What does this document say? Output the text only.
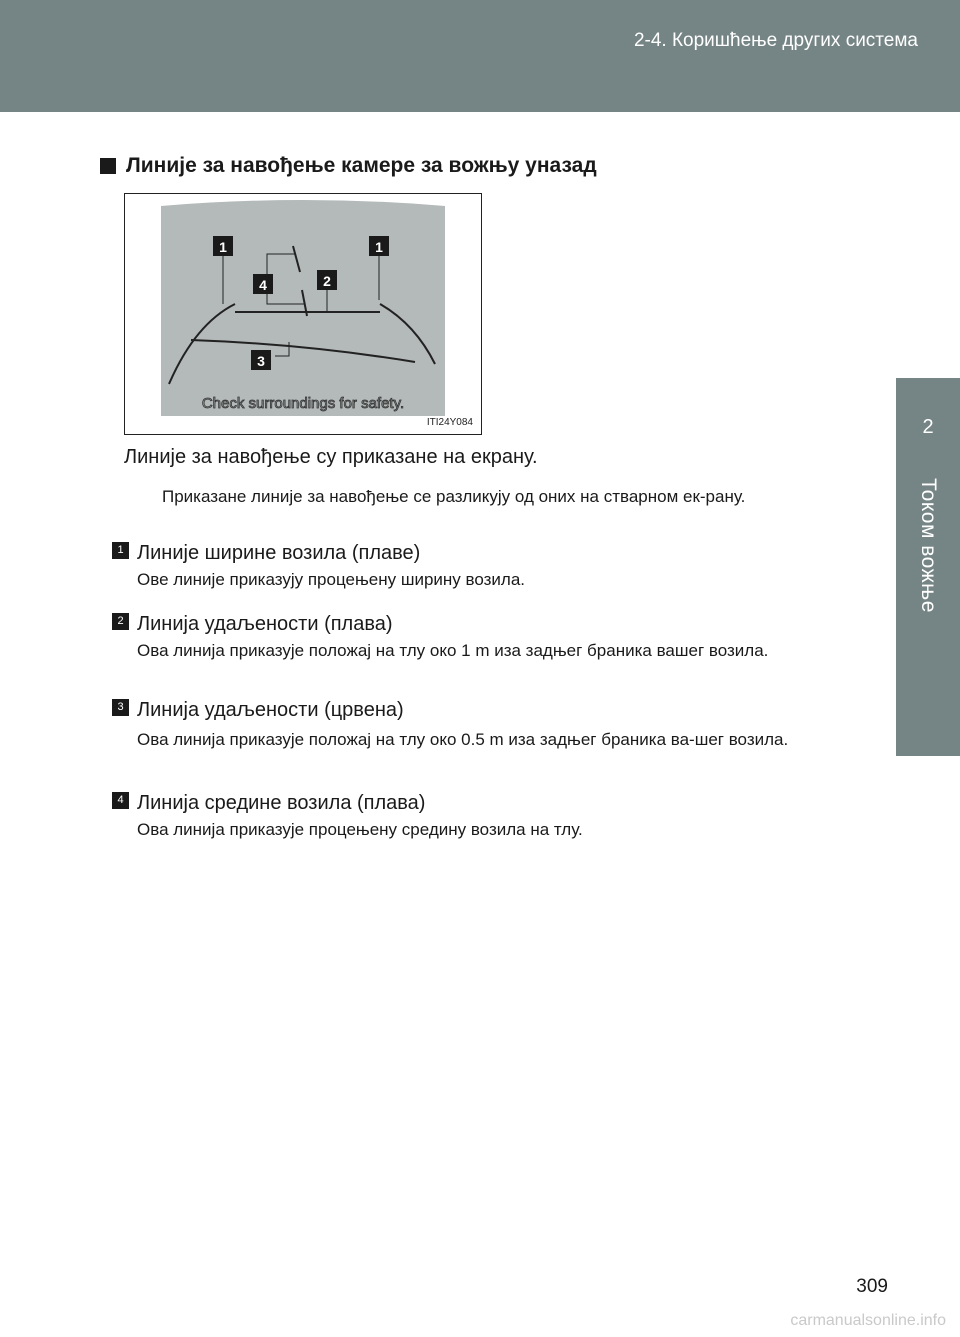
2-4. Коришћење других система
2
Током вожње
Линије за навођење камере за вожњу уназад
1	1
2
3
4
Check surroundings for safety.
ITI24Y084
Линије за навођење су приказане на екрану.
Приказане линије за навођење се разликују од оних на стварном ек-рану.
1 Линије ширине возила (плаве)
Ове линије приказују процењену ширину возила.
2 Линија удаљености (плава)
Ова линија приказује положај на тлу око 1 m иза задњег браника вашег возила.
3 Линија удаљености (црвена)
Ова линија приказује положај на тлу око 0.5 m иза задњег браника ва-шег возила.
4 Линија средине возила (плава)
Ова линија приказује процењену средину возила на тлу.
309
carmanualsonline.info
